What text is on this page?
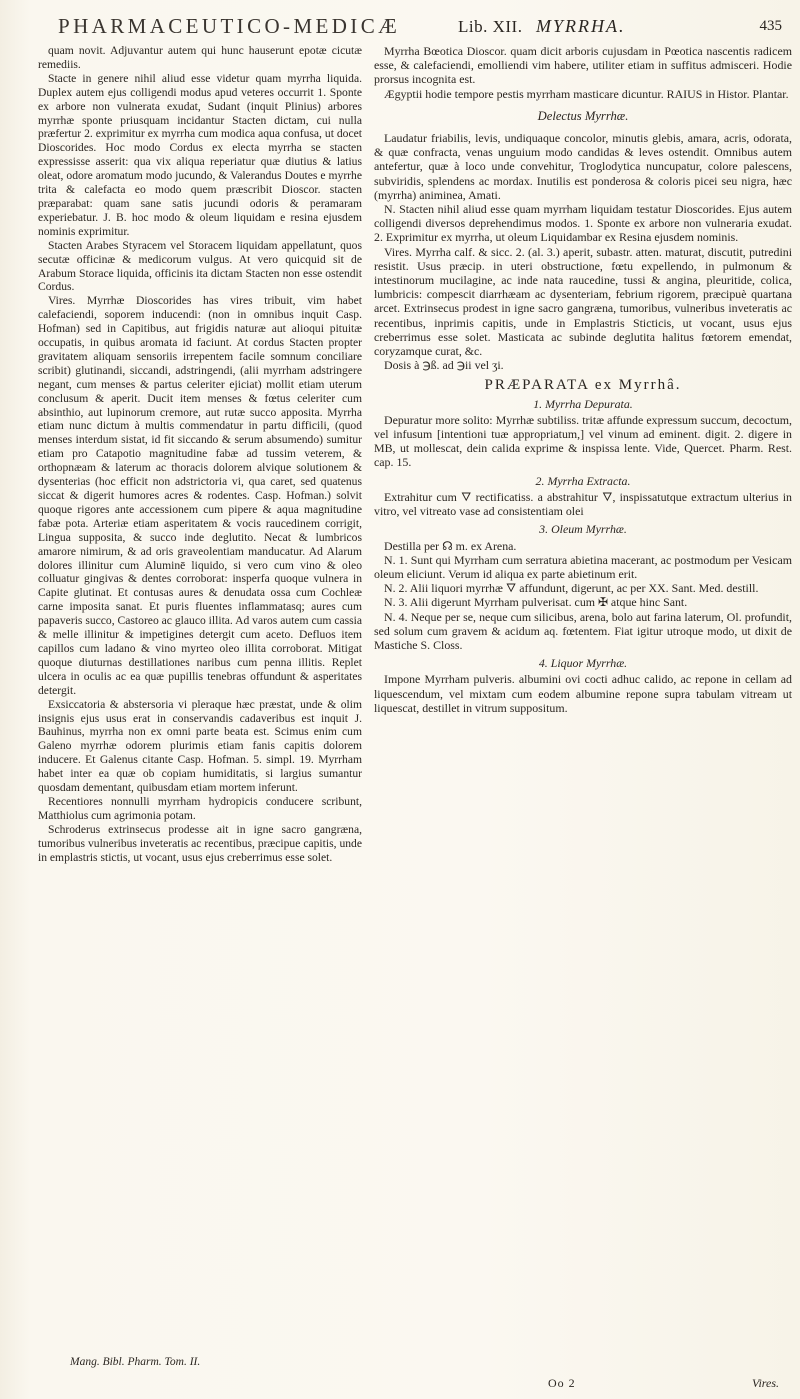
PHARMACEUTICO-MEDICÆ	Lib. XII. MYRRHA.	435

quam novit. Adjuvantur autem qui hunc hauserunt epotæ cicutæ remediis.

Stacte in genere nihil aliud esse videtur quam myrrha liquida. Duplex autem ejus colligendi modus apud veteres occurrit 1. Sponte ex arbore non vulnerata exudat, Sudant (inquit Plinius) arbores myrrhæ sponte priusquam incidantur Stacten dictam, cui nulla præfertur 2. exprimitur ex myrrha cum modica aqua confusa, ut docet Dioscorides. Hoc modo Cordus ex electa myrrha se stacten expressisse asserit: qua vix aliqua reperiatur quæ diutius & latius oleat, odore aromatum modo jucundo, & Valerandus Doutes e myrrhe trita & calefacta eo modo quem præscribit Dioscor. stacten præparabat: quam sane satis jucundi odoris & peramaram experiebatur. J. B. hoc modo & oleum liquidam e resina ejusdem nominis exprimitur.

Stacten Arabes Styracem vel Storacem liquidam appellatunt, quos secutæ officinæ & medicorum vulgus. At vero quicquid sit de Arabum Storace liquida, officinis ita dictam Stacten non esse ostendit Cordus.

Vires. Myrrhæ Dioscorides has vires tribuit, vim habet calefaciendi, soporem inducendi: (non in omnibus inquit Casp. Hofman) sed in Capitibus, aut frigidis naturæ aut alioqui pituitæ occupatis, in quibus aromata id faciunt. At cordus Stacten propter gravitatem aliquam sensoriis irrepentem facile somnum conciliare scribit) glutinandi, siccandi, adstringendi, (alii myrrham adstringere negant, cum menses & partus celeriter ejiciat) mollit etiam uterum conclusum & aperit. Ducit item menses & fœtus celeriter cum absinthio, aut lupinorum cremore, aut rutæ succo apposita. Myrrha etiam nunc dictum à multis commendatur in partu difficili, (quod menses interdum sistat, id fit siccando & serum absumendo) sumitur etiam pro Catapotio magnitudine fabæ ad tussim veterem, & orthopnæam & laterum ac thoracis dolorem alvique solutionem & dysenterias (hoc efficit non adstrictoria vi, qua caret, sed quatenus siccat & digerit humores acres & rodentes. Casp. Hofman.) solvit quoque rigores ante accessionem cum pipere & aqua magnitudine fabæ pota. Arteriæ etiam asperitatem & vocis raucedinem corrigit, Lingua supposita, & succo inde deglutito. Necat & lumbricos amarore nimirum, & ad oris graveolentiam manducatur. Ad Alarum dolores illinitur cum Aluminē liquido, si vero cum vino & oleo colluatur gingivas & dentes corroborat: insperfa quoque vulnera in Capite glutinat. Et contusas aures & denudata ossa cum Cochleæ carne imposita sanat. Et puris fluentes inflammatasq; aures cum papaveris succo, Castoreo ac glauco illita. Ad varos autem cum cassia & melle illinitur & impetigines detergit cum aceto. Defluos item capillos cum ladano & vino myrteo oleo illita corroborat. Mitigat quoque diuturnas destillationes naribus cum penna illitis. Replet ulcera in oculis ac ea quæ pupillis tenebras offundunt & asperitates detergit.

Exsiccatoria & abstersoria vi pleraque hæc præstat, unde & olim insignis ejus usus erat in conservandis cadaveribus est inquit J. Bauhinus, myrrha non ex omni parte beata est. Scimus enim cum Galeno myrrhæ odorem plurimis etiam fanis capitis dolorem inducere. Et Galenus citante Casp. Hofman. 5. simpl. 19. Myrrham habet inter ea quæ ob copiam humiditatis, si largius sumantur quosdam dementant, quibusdam etiam mortem inferunt.

Recentiores nonnulli myrrham hydropicis conducere scribunt, Matthiolus cum agrimonia potam.

Schroderus extrinsecus prodesse ait in igne sacro gangræna, tumoribus vulneribus inveteratis ac recentibus, præcipue capitis, unde in emplastris stictis, ut vocant, usus ejus creberrimus esse solet.

Myrrha Bœotica Dioscor. quam dicit arboris cujusdam in Pœotica nascentis radicem esse, & calefaciendi, emolliendi vim habere, utiliter etiam in suffitus admisceri. Hodie prorsus incognita est.

Ægyptii hodie tempore pestis myrrham masticare dicuntur. RAIUS in Histor. Plantar.

Delectus Myrrhæ.

Laudatur friabilis, levis, undiquaque concolor, minutis glebis, amara, acris, odorata, & quæ confracta, venas unguium modo candidas & leves ostendit. Omnibus autem antefertur, quæ à loco unde convehitur, Troglodytica nuncupatur, colore palescens, subviridis, splendens ac mordax. Inutilis est ponderosa & coloris picei seu nigra, hæc (myrrha) animinea, Amati.

N. Stacten nihil aliud esse quam myrrham liquidam testatur Dioscorides. Ejus autem colligendi diversos deprehendimus modos. 1. Sponte ex arbore non vulneraria exudat. 2. Exprimitur ex myrrha, ut oleum Liquidambar ex Resina ejusdem nominis.

Vires. Myrrha calf. & sicc. 2. (al. 3.) aperit, subastr. atten. maturat, discutit, putredini resistit. Usus præcip. in uteri obstructione, fœtu expellendo, in pulmonum & intestinorum mucilagine, ac inde nata raucedine, tussi & angina, pleuritide, colica, lumbricis: compescit diarrhæam ac dysenteriam, febrium rigorem, præcipuè quartana arcet. Extrinsecus prodest in igne sacro gangræna, tumoribus, vulneribus inveteratis ac recentibus, inprimis capitis, unde in Emplastris Sticticis, ut vocant, usus ejus creberrimus esse solet. Masticata ac subinde deglutita halitus fœtorem emendat, coryzamque curat, &c.

Dosis à ℈ß. ad ℈ii vel ʒi.

PRÆPARATA ex Myrrhâ.

1. Myrrha Depurata.

Depuratur more solito: Myrrhæ subtiliss. tritæ affunde expressum succum, decoctum, vel infusum [intentioni tuæ appropriatum,] vel vinum ad eminent. digit. 2. digere in MB, ut mollescat, dein calida exprime & inspissa lente. Vide, Quercet. Pharm. Rest. cap. 15.

2. Myrrha Extracta.

Extrahitur cum 🜄 rectificatiss. a abstrahitur 🜄, inspissatutque extractum ulterius in vitro, vel vitreato vase ad consistentiam olei

3. Oleum Myrrhæ.

Destilla per ☊ m. ex Arena.

N. 1. Sunt qui Myrrham cum serratura abietina macerant, ac postmodum per Vesicam oleum eliciunt. Verum id aliqua ex parte abietinum erit.

N. 2. Alii liquori myrrhæ 🜄 affundunt, digerunt, ac per XX. Sant. Med. destill.

N. 3. Alii digerunt Myrrham pulverisat. cum ✠ atque hinc Sant.

N. 4. Neque per se, neque cum silicibus, arena, bolo aut farina laterum, Ol. profundit, sed solum cum gravem & acidum aq. fœtentem. Fiat igitur utroque modo, ut dixit de Mastiche S. Closs.

4. Liquor Myrrhæ.

Impone Myrrham pulveris. albumini ovi cocti adhuc calido, ac repone in cellam ad liquescendum, vel mixtam cum eodem albumine repone supra tabulam vitream ut liquescat, destillet in vitrum suppositum.

Mang. Bibl. Pharm. Tom. II.
Oo 2	Vires.
